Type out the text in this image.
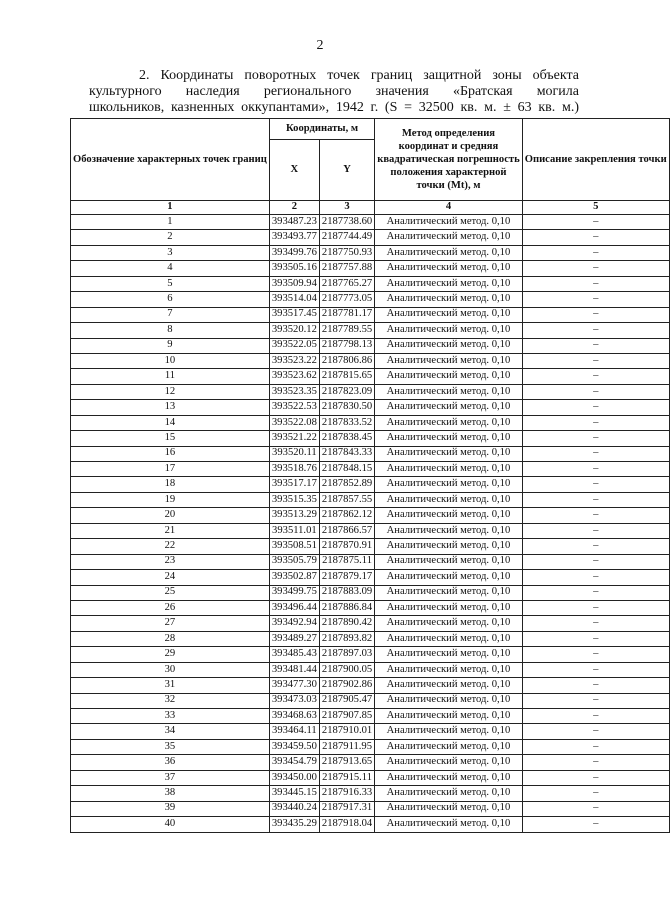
2
2. Координаты поворотных точек границ защитной зоны объекта
культурного наследия регионального значения «Братская могила
школьников, казненных оккупантами», 1942 г. (S = 32500 кв. м. ± 63 кв. м.)
Обозначение характерных точек границ	Координаты, м		Метод определения
координат и средняя
квадратическая погрешность
положения характерной
точки (Mt), м	Описание закрепления точки
	X	Y		
1	2	3	4	5
1	393487.23	2187738.60	Аналитический метод. 0,10	–
2	393493.77	2187744.49	Аналитический метод. 0,10	–
3	393499.76	2187750.93	Аналитический метод. 0,10	–
4	393505.16	2187757.88	Аналитический метод. 0,10	–
5	393509.94	2187765.27	Аналитический метод. 0,10	–
6	393514.04	2187773.05	Аналитический метод. 0,10	–
7	393517.45	2187781.17	Аналитический метод. 0,10	–
8	393520.12	2187789.55	Аналитический метод. 0,10	–
9	393522.05	2187798.13	Аналитический метод. 0,10	–
10	393523.22	2187806.86	Аналитический метод. 0,10	–
11	393523.62	2187815.65	Аналитический метод. 0,10	–
12	393523.35	2187823.09	Аналитический метод. 0,10	–
13	393522.53	2187830.50	Аналитический метод. 0,10	–
14	393522.08	2187833.52	Аналитический метод. 0,10	–
15	393521.22	2187838.45	Аналитический метод. 0,10	–
16	393520.11	2187843.33	Аналитический метод. 0,10	–
17	393518.76	2187848.15	Аналитический метод. 0,10	–
18	393517.17	2187852.89	Аналитический метод. 0,10	–
19	393515.35	2187857.55	Аналитический метод. 0,10	–
20	393513.29	2187862.12	Аналитический метод. 0,10	–
21	393511.01	2187866.57	Аналитический метод. 0,10	–
22	393508.51	2187870.91	Аналитический метод. 0,10	–
23	393505.79	2187875.11	Аналитический метод. 0,10	–
24	393502.87	2187879.17	Аналитический метод. 0,10	–
25	393499.75	2187883.09	Аналитический метод. 0,10	–
26	393496.44	2187886.84	Аналитический метод. 0,10	–
27	393492.94	2187890.42	Аналитический метод. 0,10	–
28	393489.27	2187893.82	Аналитический метод. 0,10	–
29	393485.43	2187897.03	Аналитический метод. 0,10	–
30	393481.44	2187900.05	Аналитический метод. 0,10	–
31	393477.30	2187902.86	Аналитический метод. 0,10	–
32	393473.03	2187905.47	Аналитический метод. 0,10	–
33	393468.63	2187907.85	Аналитический метод. 0,10	–
34	393464.11	2187910.01	Аналитический метод. 0,10	–
35	393459.50	2187911.95	Аналитический метод. 0,10	–
36	393454.79	2187913.65	Аналитический метод. 0,10	–
37	393450.00	2187915.11	Аналитический метод. 0,10	–
38	393445.15	2187916.33	Аналитический метод. 0,10	–
39	393440.24	2187917.31	Аналитический метод. 0,10	–
40	393435.29	2187918.04	Аналитический метод. 0,10	–
